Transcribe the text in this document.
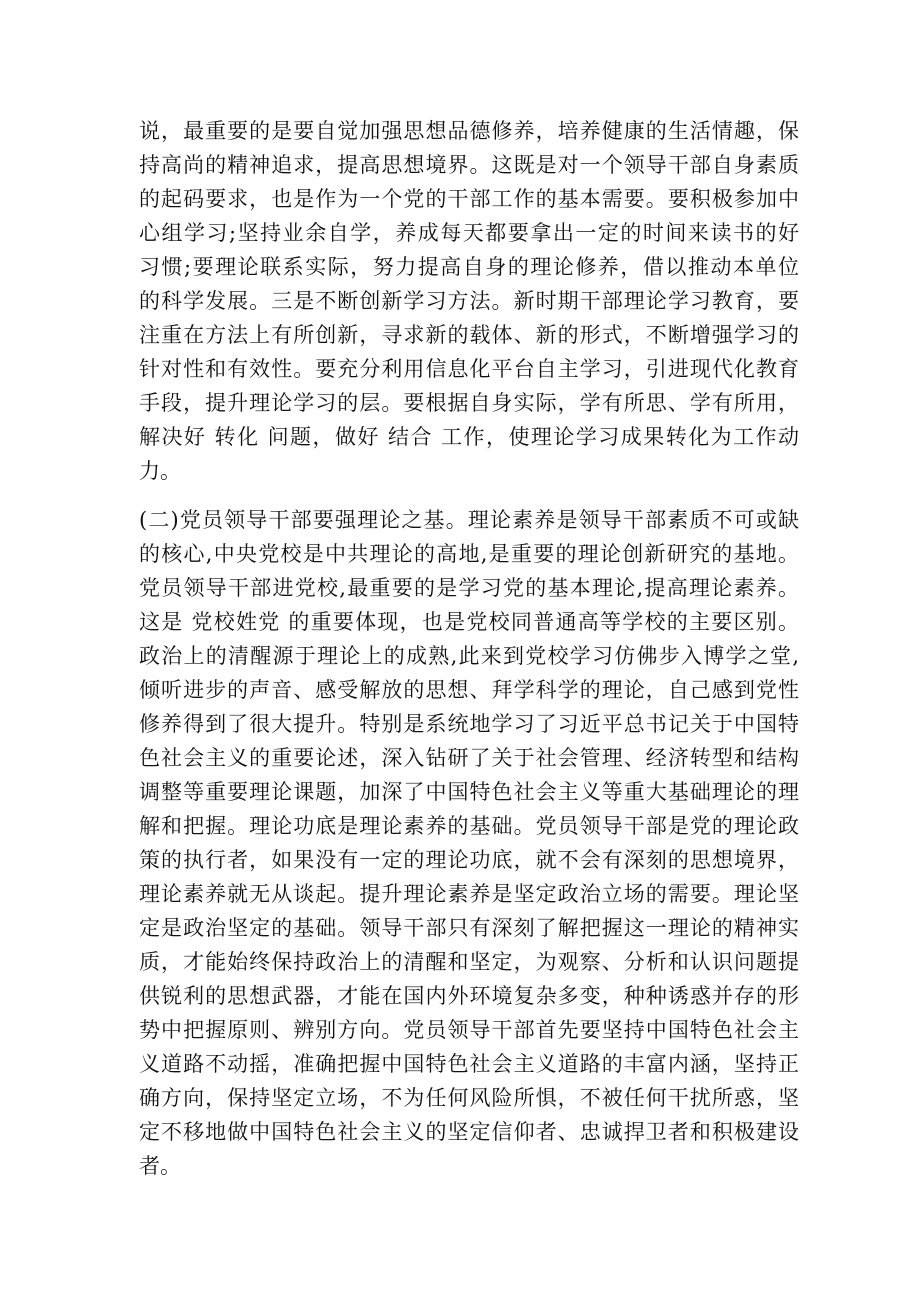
说，最重要的是要自觉加强思想品德修养，培养健康的生活情趣，保
持高尚的精神追求，提高思想境界。这既是对一个领导干部自身素质
的起码要求，也是作为一个党的干部工作的基本需要。要积极参加中
心组学习;坚持业余自学，养成每天都要拿出一定的时间来读书的好
习惯;要理论联系实际，努力提高自身的理论修养，借以推动本单位
的科学发展。三是不断创新学习方法。新时期干部理论学习教育，要
注重在方法上有所创新，寻求新的载体、新的形式，不断增强学习的
针对性和有效性。要充分利用信息化平台自主学习，引进现代化教育
手段，提升理论学习的层。要根据自身实际，学有所思、学有所用，
解决好 转化 问题，做好 结合 工作，使理论学习成果转化为工作动
力。
(二)党员领导干部要强理论之基。理论素养是领导干部素质不可或缺
的核心,中央党校是中共理论的高地,是重要的理论创新研究的基地。
党员领导干部进党校,最重要的是学习党的基本理论,提高理论素养。
这是 党校姓党 的重要体现，也是党校同普通高等学校的主要区别。
政治上的清醒源于理论上的成熟,此来到党校学习仿佛步入博学之堂,
倾听进步的声音、感受解放的思想、拜学科学的理论，自己感到党性
修养得到了很大提升。特别是系统地学习了习近平总书记关于中国特
色社会主义的重要论述，深入钻研了关于社会管理、经济转型和结构
调整等重要理论课题，加深了中国特色社会主义等重大基础理论的理
解和把握。理论功底是理论素养的基础。党员领导干部是党的理论政
策的执行者，如果没有一定的理论功底，就不会有深刻的思想境界，
理论素养就无从谈起。提升理论素养是坚定政治立场的需要。理论坚
定是政治坚定的基础。领导干部只有深刻了解把握这一理论的精神实
质，才能始终保持政治上的清醒和坚定，为观察、分析和认识问题提
供锐利的思想武器，才能在国内外环境复杂多变，种种诱惑并存的形
势中把握原则、辨别方向。党员领导干部首先要坚持中国特色社会主
义道路不动摇，准确把握中国特色社会主义道路的丰富内涵，坚持正
确方向，保持坚定立场，不为任何风险所惧，不被任何干扰所惑，坚
定不移地做中国特色社会主义的坚定信仰者、忠诚捍卫者和积极建设
者。
